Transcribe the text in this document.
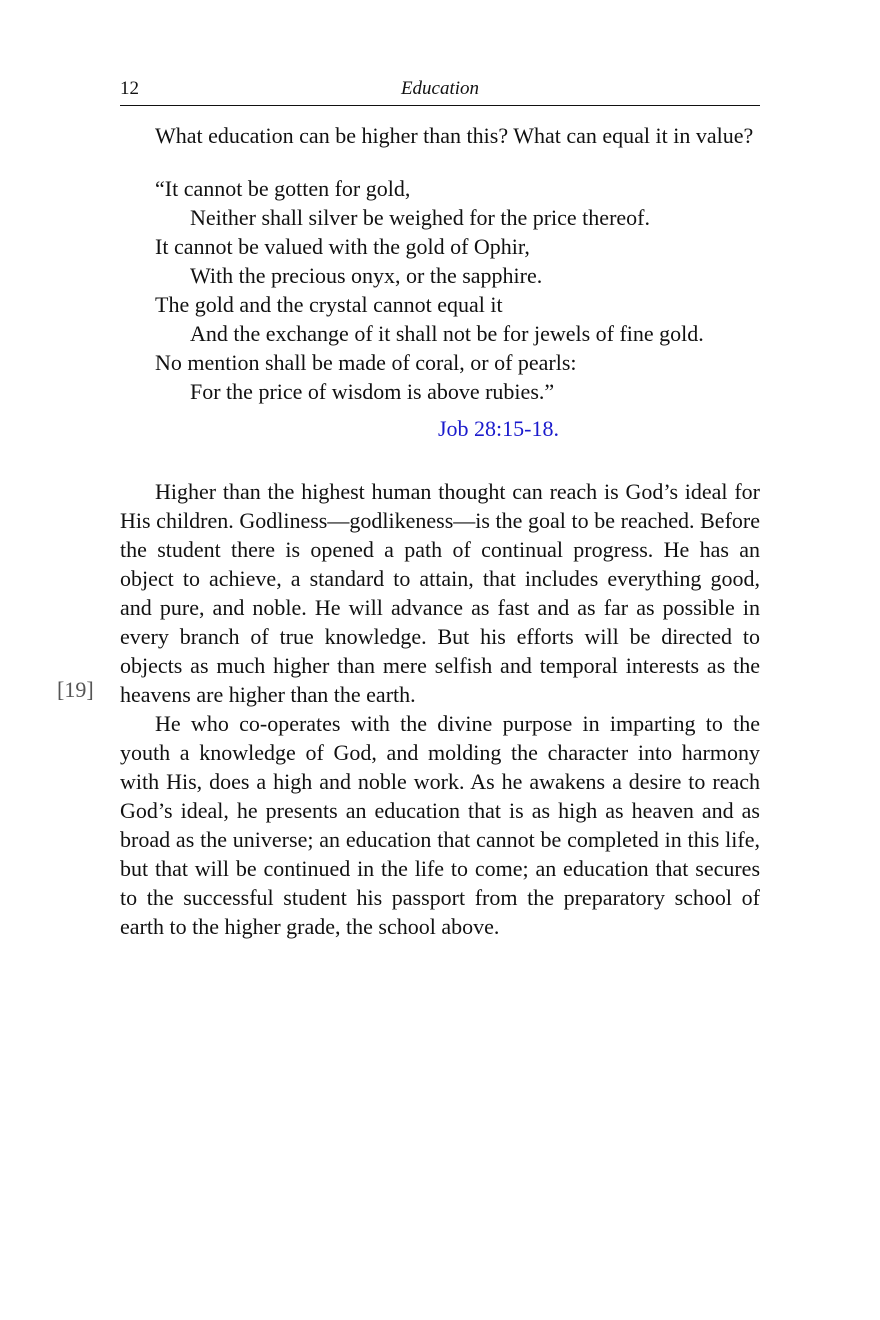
12	Education
[19]

What education can be higher than this? What can equal it in value?

“It cannot be gotten for gold,
Neither shall silver be weighed for the price thereof.
It cannot be valued with the gold of Ophir,
With the precious onyx, or the sapphire.
The gold and the crystal cannot equal it
And the exchange of it shall not be for jewels of fine gold.
No mention shall be made of coral, or of pearls:
For the price of wisdom is above rubies.”
Job 28:15-18.

Higher than the highest human thought can reach is God’s ideal for His children. Godliness—godlikeness—is the goal to be reached. Before the student there is opened a path of continual progress. He has an object to achieve, a standard to attain, that includes everything good, and pure, and noble. He will advance as fast and as far as possible in every branch of true knowledge. But his efforts will be directed to objects as much higher than mere selfish and temporal interests as the heavens are higher than the earth.

He who co-operates with the divine purpose in imparting to the youth a knowledge of God, and molding the character into harmony with His, does a high and noble work. As he awakens a desire to reach God’s ideal, he presents an education that is as high as heaven and as broad as the universe; an education that cannot be completed in this life, but that will be continued in the life to come; an education that secures to the successful student his passport from the preparatory school of earth to the higher grade, the school above.
